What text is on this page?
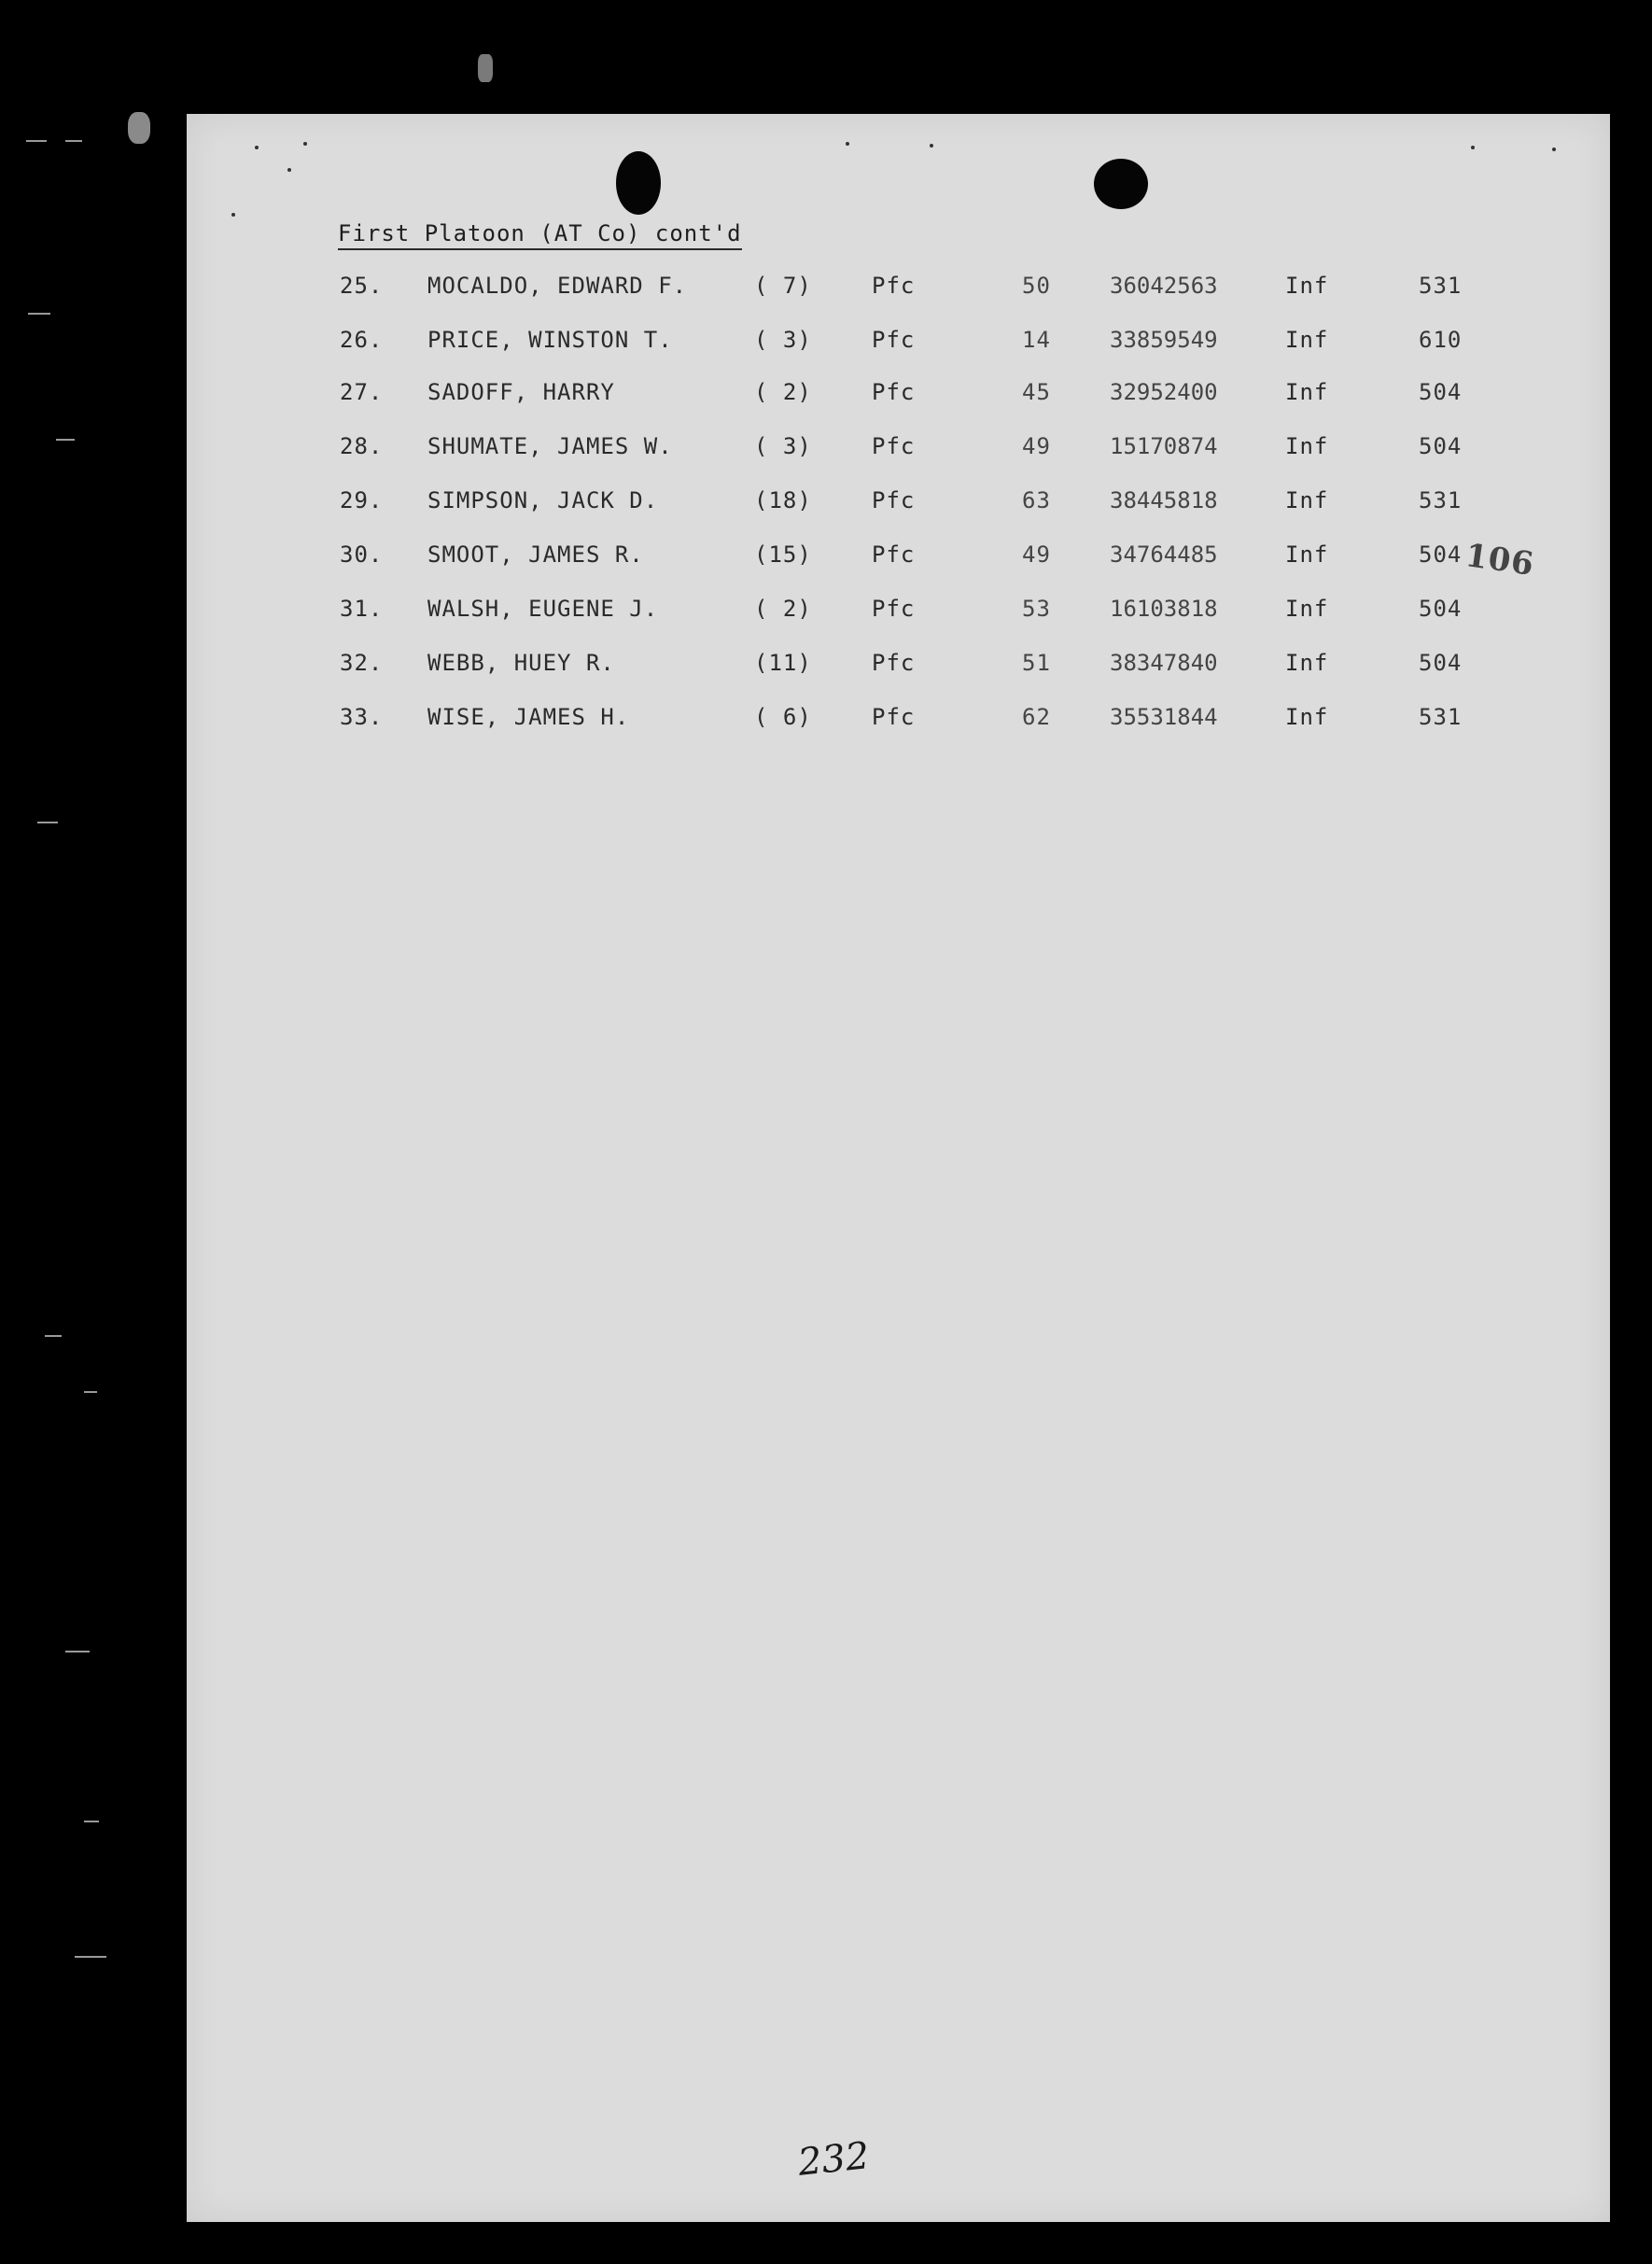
First Platoon (AT Co) cont'd
25. MOCALDO, EDWARD F.	( 7)	Pfc	50	36042563	Inf	531
26. PRICE, WINSTON T.	( 3)	Pfc	14	33859549	Inf	610
27. SADOFF, HARRY	( 2)	Pfc	45	32952400	Inf	504
28. SHUMATE, JAMES W.	( 3)	Pfc	49	15170874	Inf	504
29. SIMPSON, JACK D.	(18)	Pfc	63	38445818	Inf	531
30. SMOOT, JAMES R.	(15)	Pfc	49	34764485	Inf	504
31. WALSH, EUGENE J.	( 2)	Pfc	53	16103818	Inf	504
32. WEBB, HUEY R.	(11)	Pfc	51	38347840	Inf	504
33. WISE, JAMES H.	( 6)	Pfc	62	35531844	Inf	531
106
232
